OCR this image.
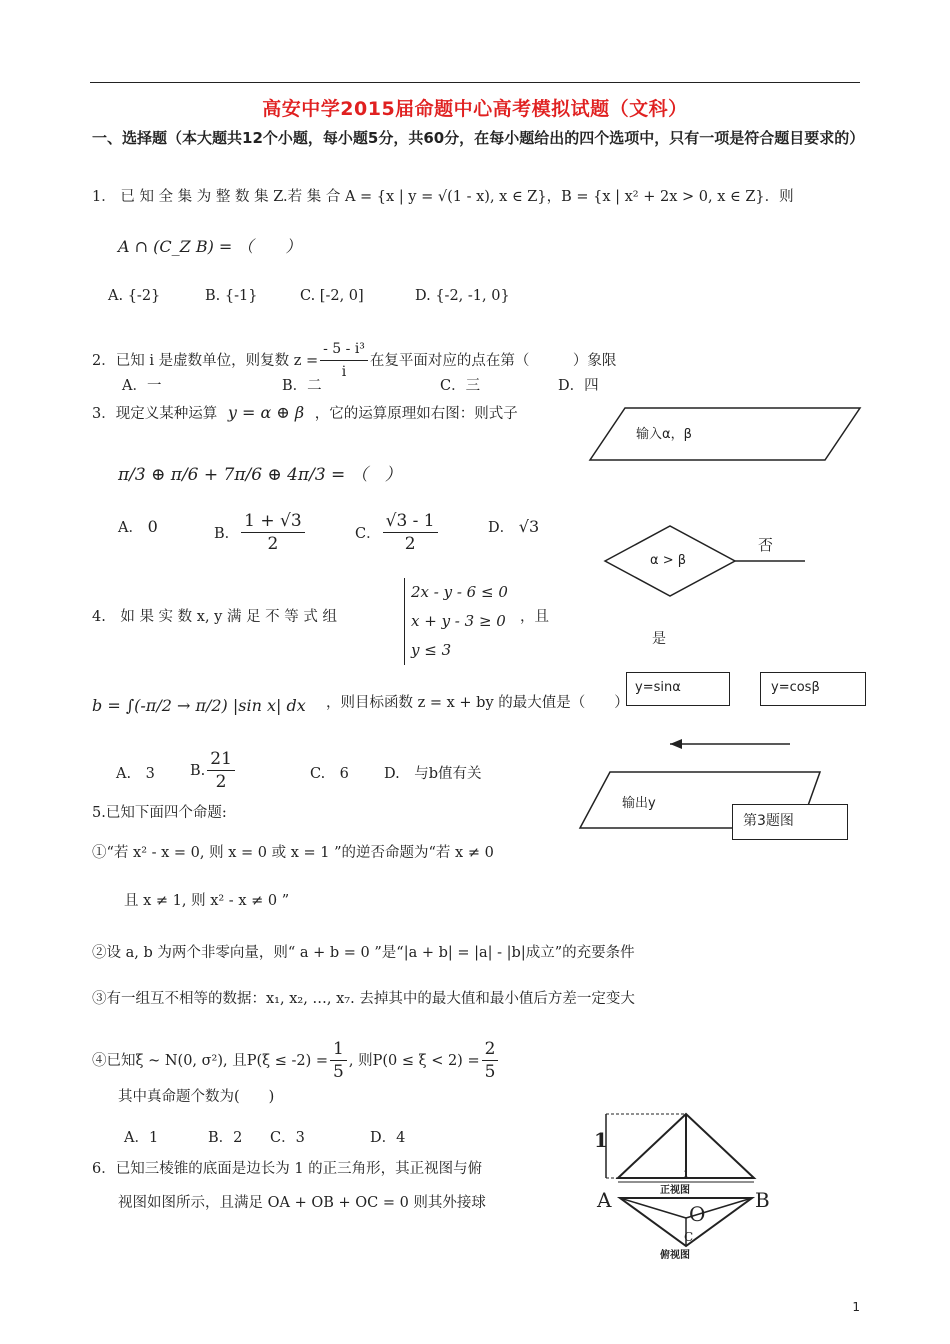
高安中学2015届命题中心高考模拟试题（文科）
一、选择题（本大题共12个小题，每小题5分，共60分，在每小题给出的四个选项中，只有一项是符合题目要求的）
1． 已 知 全 集 为 整 数 集 Z.若 集 合 A = {x | y = √(1 - x), x ∈ Z}，B = {x | x² + 2x > 0, x ∈ Z}．则
A ∩ (C_Z B) = （　　）
A. {-2}	B. {-1}	C. [-2, 0]	D. {-2, -1, 0}
2．已知 i 是虚数单位，则复数 $z = \frac{\text{- 5 - i³}}{i}$ 在复平面对应的点在第（　　　）象限
A．一	B．二	C．三	D．四
3．现定义某种运算 y = α ⊕ β ，它的运算原理如右图：则式子
π/3 ⊕ π/6 + 7π/6 ⊕ 4π/3 = （　）
A． 0	B． $\frac{1 + √3}{2}$	C． $\frac{√3 - 1}{2}$	D． √3
4.　如 果 实 数 x, y 满 足 不 等 式 组
2x - y - 6 ≤ 0
x + y - 3 ≥ 0
y ≤ 3
，且
b = ∫(-π/2 → π/2) |sin x| dx ，则目标函数 z = x + by 的最大值是（　　）
A.　3 B. $\frac{21}{2}$	C.　6 D.　与b值有关
5.已知下面四个命题:
①“若 x² - x = 0, 则 x = 0 或 x = 1 ”的逆否命题为“若 x ≠ 0
且 x ≠ 1, 则 x² - x ≠ 0 ”
②设 a, b 为两个非零向量，则“ a + b = 0 ”是“|a + b| = |a| - |b|成立”的充要条件
③有一组互不相等的数据：x₁, x₂, …, x₇. 去掉其中的最大值和最小值后方差一定变大
④已知ξ ~ N(0, σ²), 且$P(\xi \le -2) = \frac{1}{5}$ , 则$P(0 \le \xi < 2) = \frac{2}{5}$
其中真命题个数为(　　)
A．1	B．2 C．3	D．4
6．已知三棱锥的底面是边长为 1 的正三角形，其正视图与俯
视图如图所示，且满足 OA + OB + OC = 0 则其外接球
输入α，β
α > β
否
是
y=sinα	y=cosβ
输出y
第3题图
1
1
正视图
A	B
O
C
俯视图
1
